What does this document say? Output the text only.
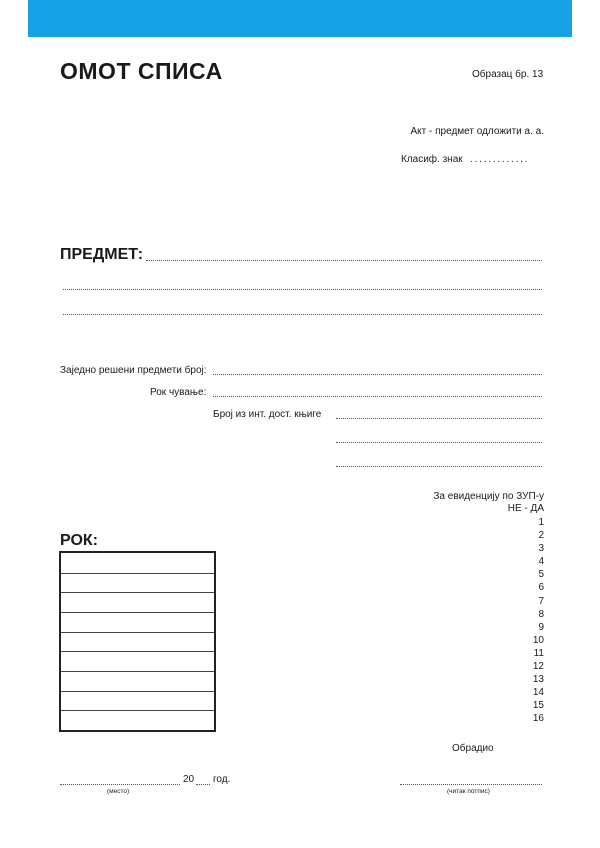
ОМОТ СПИСА	Образац бр. 13
Акт - предмет одложити а. а.
Класиф. знак . . . . . . . . . . . . .
ПРЕДМЕТ:
Заједно решени предмети број:
Рок чување:
Број из инт. дост. књиге
За евиденцију по ЗУП-у
НЕ - ДА
1
2
3
4
5
6
7
8
9
10
11
12
13
14
15
16
РОК:
Обрадио
20 год.
(место)	(читак потпис)
